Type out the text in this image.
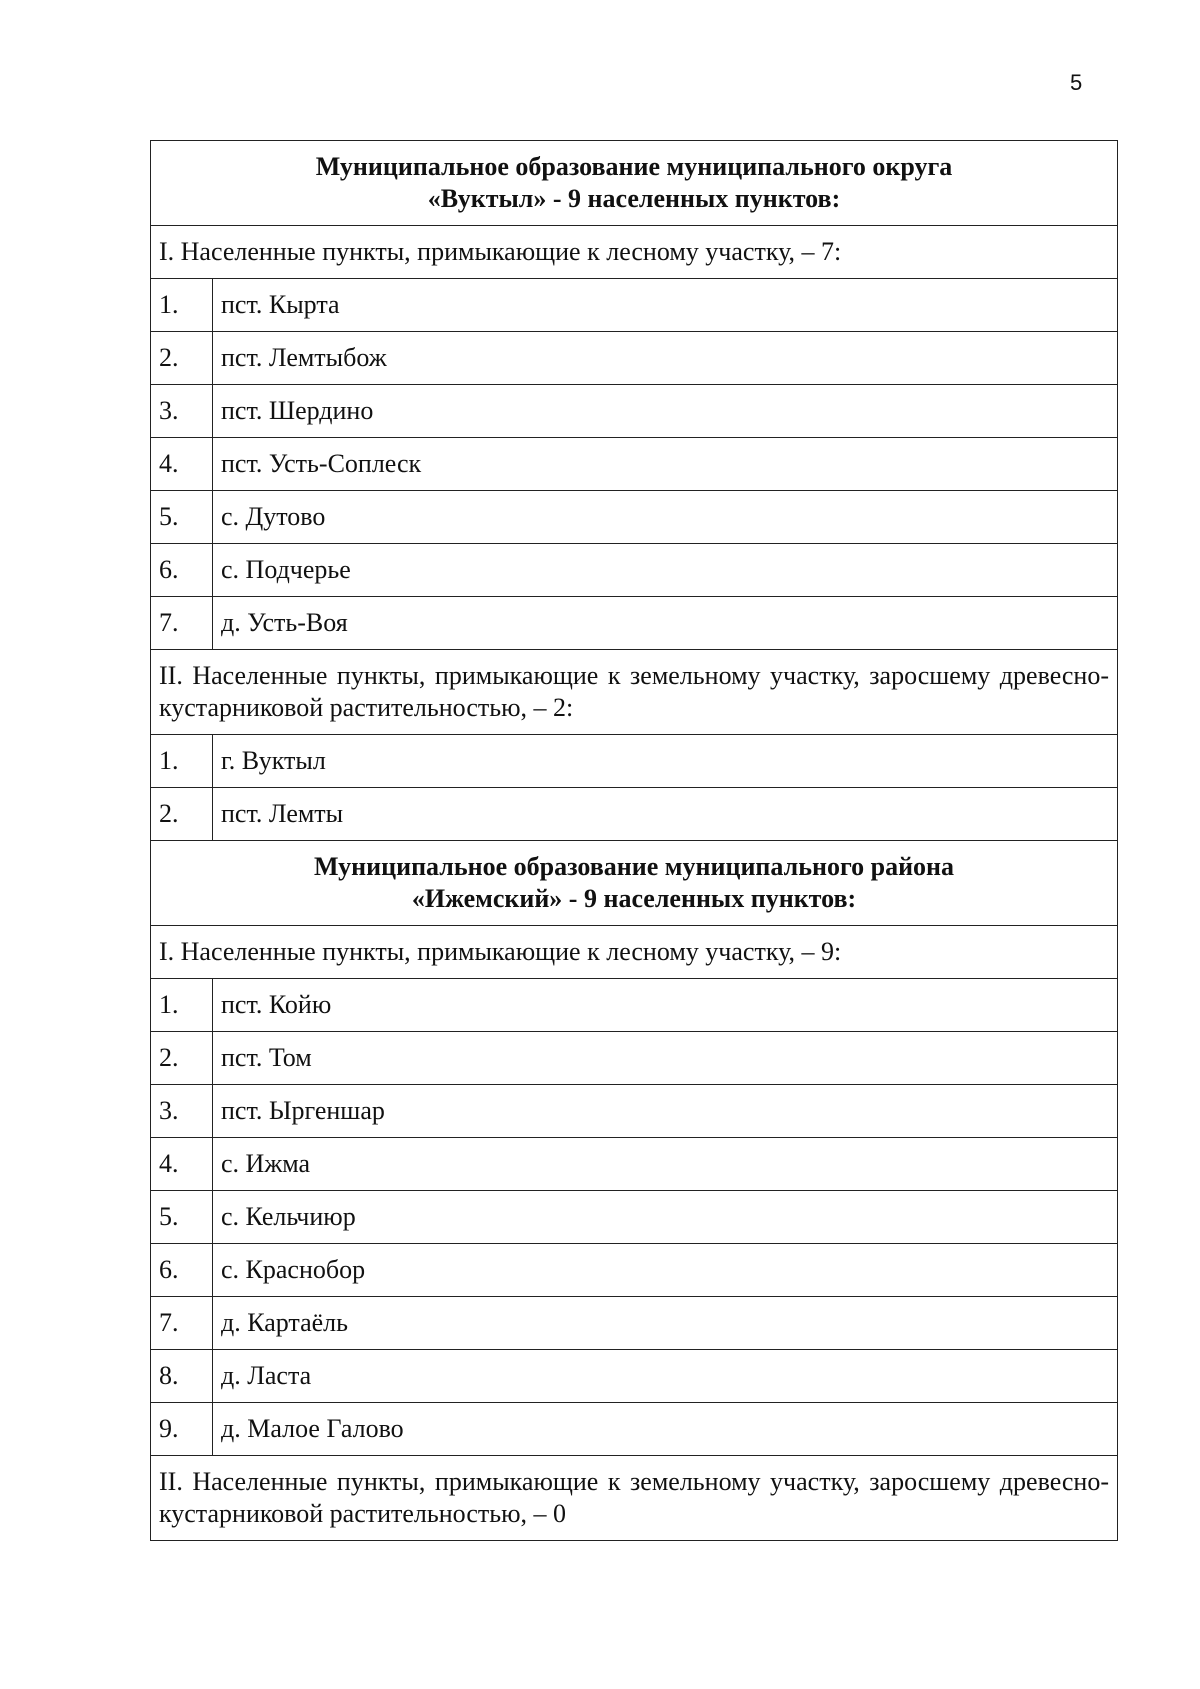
5
Муниципальное образование муниципального округа
«Вуктыл» - 9 населенных пунктов:	

I. Населенные пункты, примыкающие к лесному участку, – 7:	
1.	пст. Кырта
2.	пст. Лемтыбож
3.	пст. Шердино
4.	пст. Усть-Соплеск
5.	с. Дутово
6.	с. Подчерье
7.	д. Усть-Воя
II. Населенные пункты, примыкающие к земельному участку, заросшему древесно-кустарниковой растительностью, – 2:	
1.	г. Вуктыл
2.	пст. Лемты

Муниципальное образование муниципального района
«Ижемский» - 9 населенных пунктов:	

I. Населенные пункты, примыкающие к лесному участку, – 9:	
1.	пст. Койю
2.	пст. Том
3.	пст. Ыргеншар
4.	с. Ижма
5.	с. Кельчиюр
6.	с. Краснобор
7.	д. Картаёль
8.	д. Ласта
9.	д. Малое Галово
II. Населенные пункты, примыкающие к земельному участку, заросшему древесно-кустарниковой растительностью, – 0	
